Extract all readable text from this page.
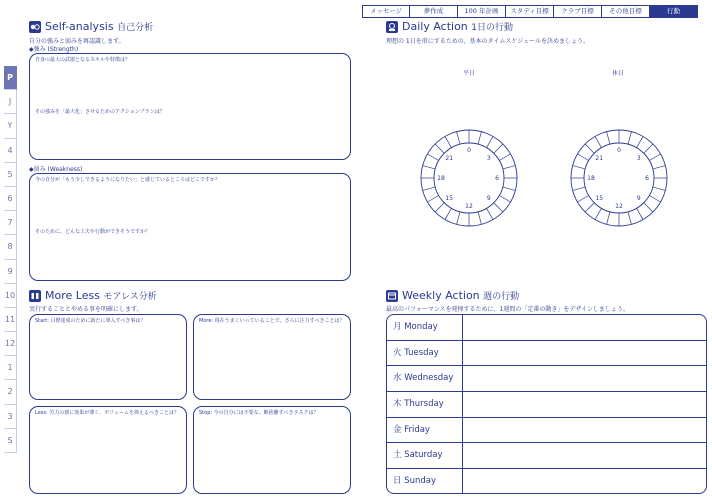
メッセージ	夢作成	100 年計画	スタディ目標	クラブ目標	その他目標	行動
P
J
Y
4
5
6
7
8
9
10
11
12
1
2
3
S
Self-analysis 自己分析
自分の強みと弱みを再認識します。
◆強み (Strength)
自身の最大の武器となるスキルや特徴は？
その強みを「最大化」させるためのアクションプランは？
◆弱み (Weakness)
今の自分が「もう少しできるようになりたい」と感じているところはどこですか？
そのために、どんな工夫や行動ができそうですか？
More Less モアレス分析
実行することとやめる事を明確にします。
Start: 目標達成のために新たに導入すべき事は？	More: 現在うまくいっていることで、さらに注力すべきことは？
Less: 労力の割に効果が薄く、ボリュームを抑えるべきことは？	Stop: 今の自分には不要な、断捨離すべきタスクは？
Daily Action 1日の行動
理想の 1日を形にするための、基本のタイムスケジュールを決めましょう。
平日	休日
0
3
6
9
12
15
18
21
0
3
6
9
12
15
18
21
Weekly Action 週の行動
最高のパフォーマンスを発揮するために、1週間の「定番の動き」をデザインしましょう。
月 Monday
火 Tuesday
水 Wednesday
木 Thursday
金 Friday
土 Saturday
日 Sunday
